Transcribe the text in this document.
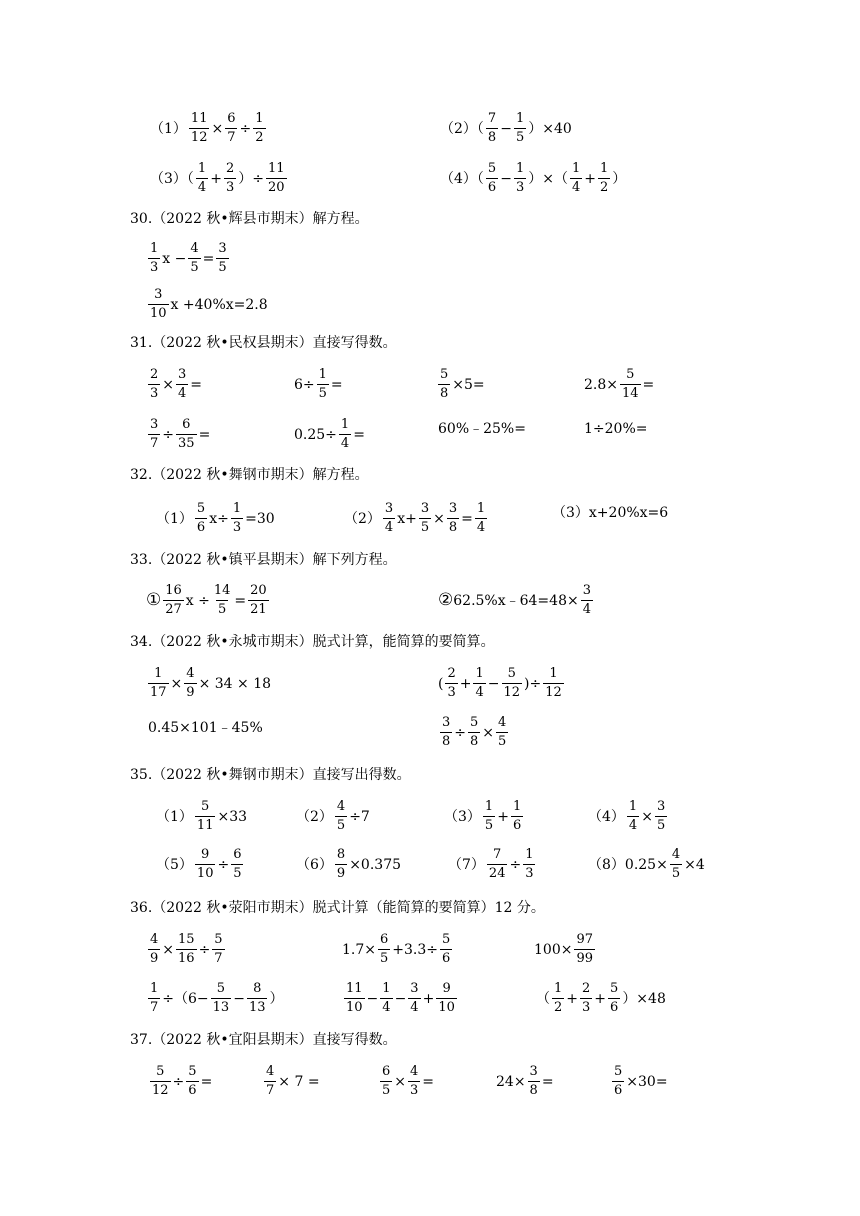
$(1) \frac{11}{12} \times \frac{6}{7} \div \frac{1}{2}$	$(2)( \frac{7}{8} - \frac{1}{5} )\times 40$
$(3)( \frac{1}{4} + \frac{2}{3}$ ）÷ $\frac{11}{20}$	$(4)( \frac{5}{6} - \frac{1}{3}$ ）×（ $\frac{1}{4} + \frac{1}{2}$ ）
30.（2022 秋•辉县市期末）解方程。
$\frac{1}{3}$ $x - \frac{4}{5} = \frac{3}{5}$
$\frac{3}{10}$ x +40%x=2.8
31.（2022 秋•民权县期末）直接写得数。
$\frac{2}{3} \times \frac{3}{4}$ =	$6\div \frac{1}{5}$ =	$\frac{5}{8} \times 5=$	$2.8\times \frac{5}{14}$ =
$\frac{3}{7} \div \frac{6}{35}$ =	$0.25\div \frac{1}{4}$ =	60%﹣25%=	1÷20%=
32.（2022 秋•舞钢市期末）解方程。
$(1) \frac{5}{6} x\div \frac{1}{3} =30$	$(2) \frac{3}{4} x+ \frac{3}{5} \times \frac{3}{8} = \frac{1}{4}$	（3）x+20%x=6
33.（2022 秋•镇平县期末）解下列方程。
① $\frac{16}{27}$ $x \div \frac{14}{5} = \frac{20}{21}$	② 62.5%x﹣64=48× $\frac{3}{4}$
34.（2022 秋•永城市期末）脱式计算，能简算的要简算。
$\frac{1}{17} \times \frac{4}{9} \times 34 \times 18$	( $\frac{2}{3} + \frac{1}{4} - \frac{5}{12}$ )÷ $\frac{1}{12}$
0.45×101﹣45%	$\frac{3}{8} \div \frac{5}{8} \times \frac{4}{5}$
35.（2022 秋•舞钢市期末）直接写出得数。
$(1) \frac{5}{11} \times 33$	$(2) \frac{4}{5} \div 7$	$(3) \frac{1}{5} + \frac{1}{6}$	$(4) \frac{1}{4} \times \frac{3}{5}$
$(5) \frac{9}{10} \div \frac{6}{5}$	$(6) \frac{8}{9} \times 0.375$	$(7) \frac{7}{24} \div \frac{1}{3}$	$(8)0.25\times \frac{4}{5} \times 4$
36.（2022 秋•荥阳市期末）脱式计算（能简算的要简算）12 分。
$\frac{4}{9} \times \frac{15}{16} \div \frac{5}{7}$	$1.7\times \frac{6}{5} +3.3\div \frac{5}{6}$	$100\times \frac{97}{99}$
$\frac{1}{7} \div(6- \frac{5}{13} - \frac{8}{13}$ ）	$\frac{11}{10} - \frac{1}{4} - \frac{3}{4} + \frac{9}{10}$	（ $\frac{1}{2} + \frac{2}{3} + \frac{5}{6} )\times 48$
37.（2022 秋•宜阳县期末）直接写得数。
$\frac{5}{12} \div \frac{5}{6}$ =	$\frac{4}{7} \times 7$ =	$\frac{6}{5} \times \frac{4}{3}$ =	$24\times \frac{3}{8}$ =	$\frac{5}{6} \times 30=$
